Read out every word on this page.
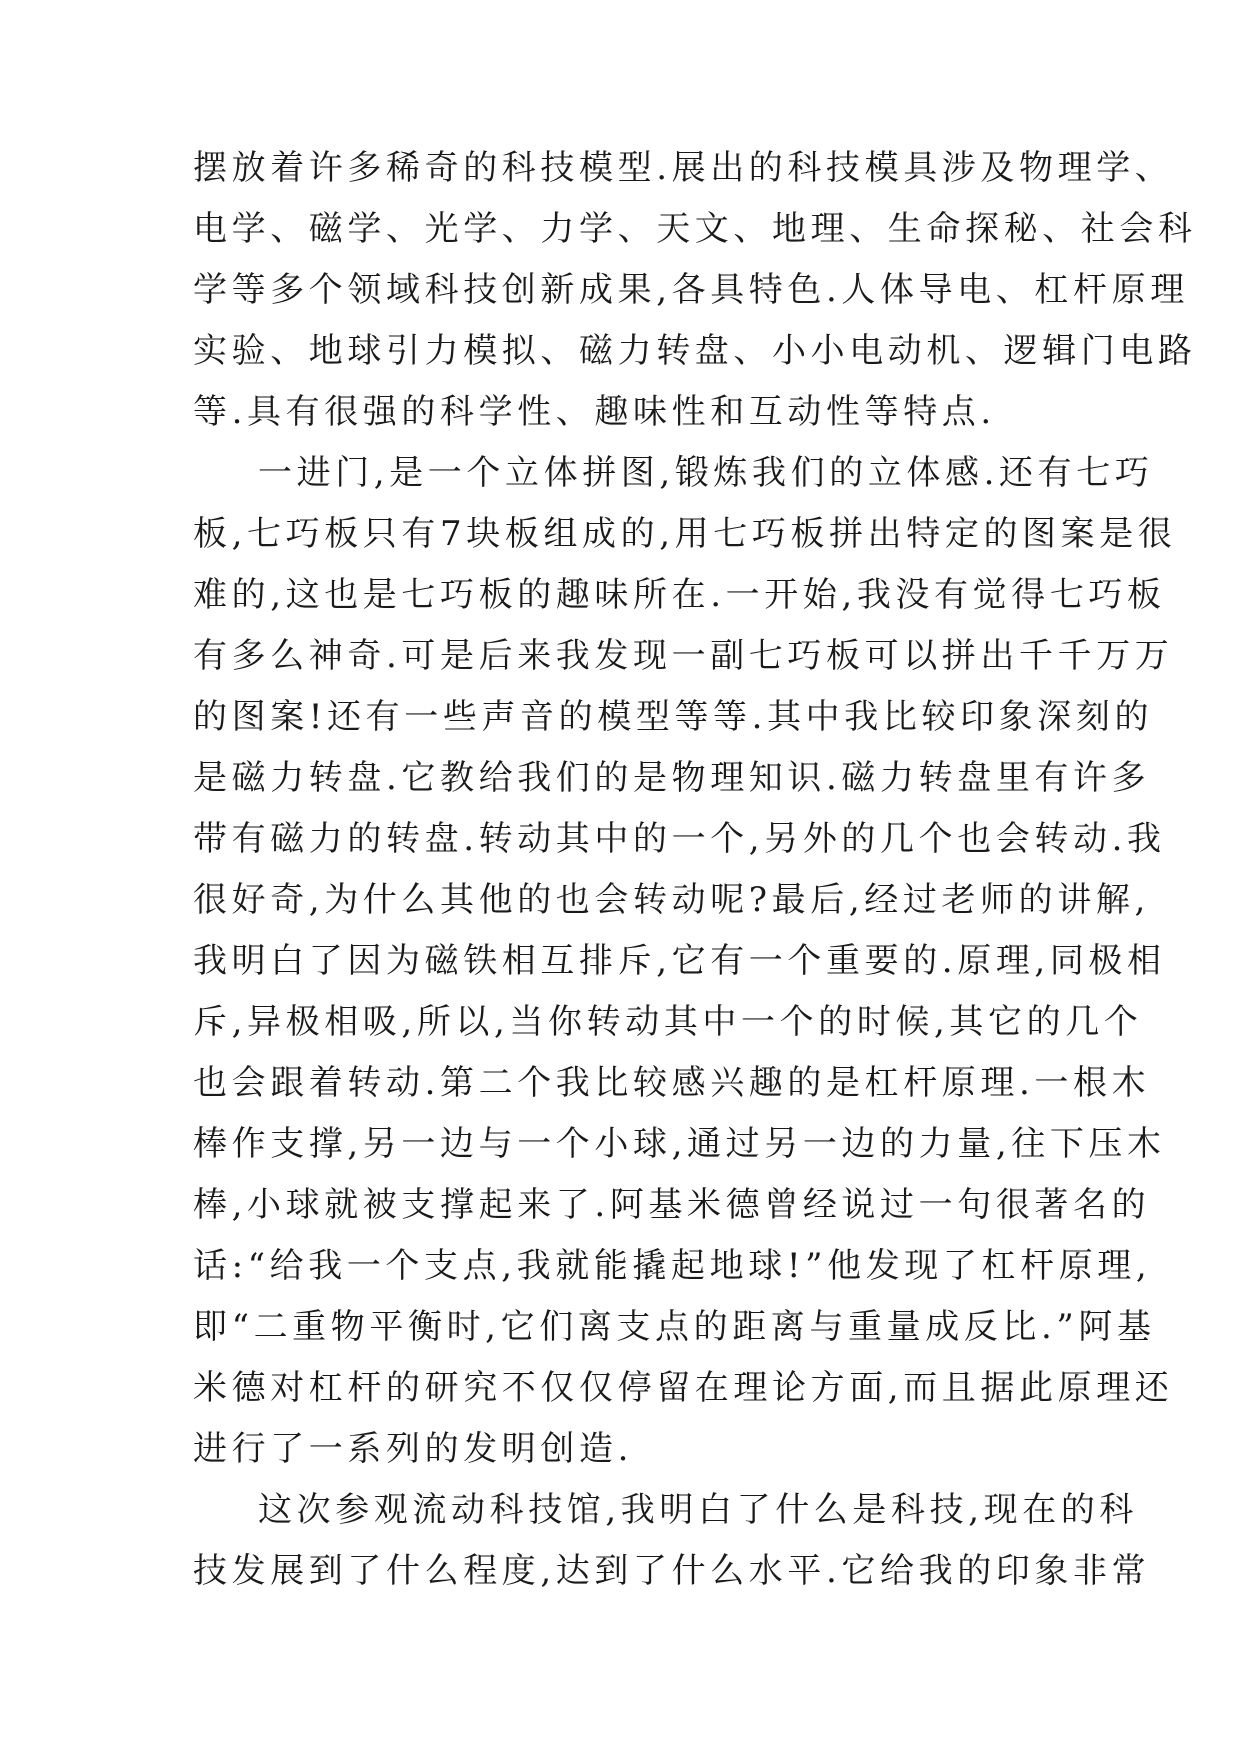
摆放着许多稀奇的科技模型.展出的科技模具涉及物理学、
电学、磁学、光学、力学、天文、地理、生命探秘、社会科
学等多个领域科技创新成果,各具特色.人体导电、杠杆原理
实验、地球引力模拟、磁力转盘、小小电动机、逻辑门电路
等.具有很强的科学性、趣味性和互动性等特点.
一进门,是一个立体拼图,锻炼我们的立体感.还有七巧
板,七巧板只有7块板组成的,用七巧板拼出特定的图案是很
难的,这也是七巧板的趣味所在.一开始,我没有觉得七巧板
有多么神奇.可是后来我发现一副七巧板可以拼出千千万万
的图案!还有一些声音的模型等等.其中我比较印象深刻的
是磁力转盘.它教给我们的是物理知识.磁力转盘里有许多
带有磁力的转盘.转动其中的一个,另外的几个也会转动.我
很好奇,为什么其他的也会转动呢?最后,经过老师的讲解,
我明白了因为磁铁相互排斥,它有一个重要的.原理,同极相
斥,异极相吸,所以,当你转动其中一个的时候,其它的几个
也会跟着转动.第二个我比较感兴趣的是杠杆原理.一根木
棒作支撑,另一边与一个小球,通过另一边的力量,往下压木
棒,小球就被支撑起来了.阿基米德曾经说过一句很著名的
话:“给我一个支点,我就能撬起地球!”他发现了杠杆原理,
即“二重物平衡时,它们离支点的距离与重量成反比.”阿基
米德对杠杆的研究不仅仅停留在理论方面,而且据此原理还
进行了一系列的发明创造.
这次参观流动科技馆,我明白了什么是科技,现在的科
技发展到了什么程度,达到了什么水平.它给我的印象非常
